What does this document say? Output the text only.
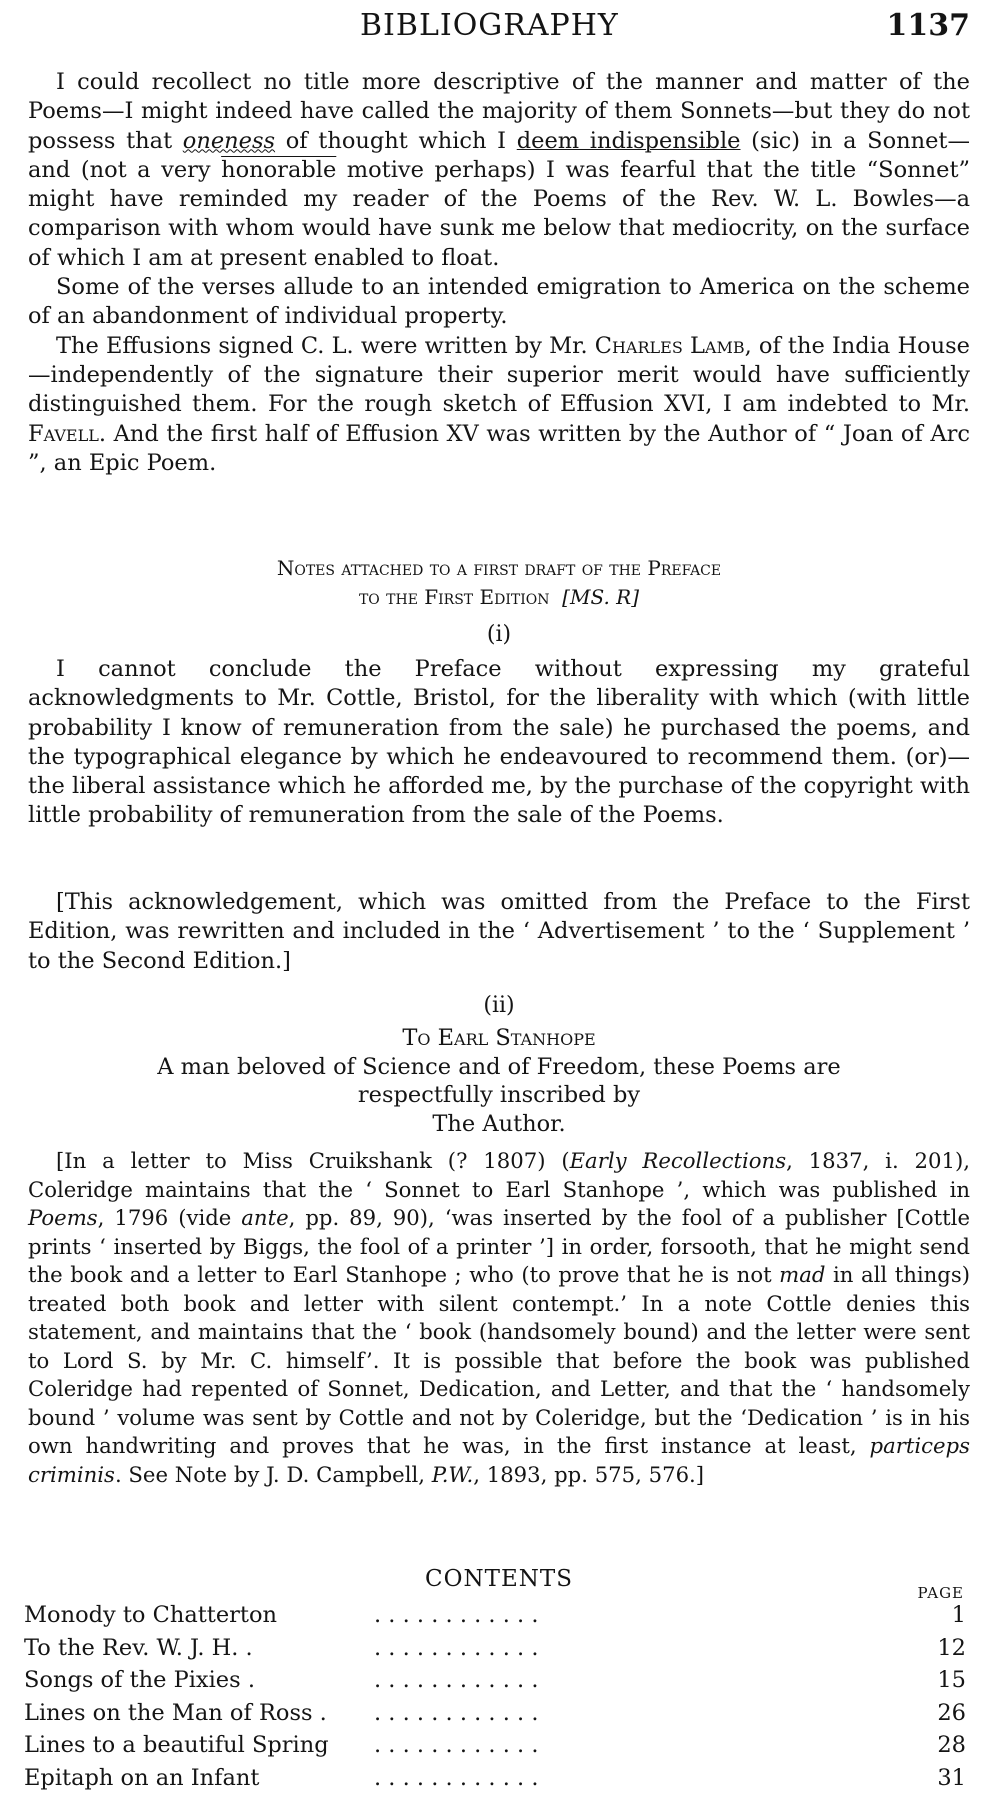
BIBLIOGRAPHY	1137

I could recollect no title more descriptive of the manner and matter of the Poems—I might indeed have called the majority of them Sonnets—but they do not possess that oneness of thought which I deem indispensible (sic) in a Sonnet—and (not a very honorable motive perhaps) I was fearful that the title “Sonnet” might have reminded my reader of the Poems of the Rev. W. L. Bowles—a comparison with whom would have sunk me below that mediocrity, on the surface of which I am at present enabled to float.

Some of the verses allude to an intended emigration to America on the scheme of an abandonment of individual property.

The Effusions signed C. L. were written by Mr. Charles Lamb, of the India House—independently of the signature their superior merit would have sufficiently distinguished them. For the rough sketch of Effusion XVI, I am indebted to Mr. Favell. And the first half of Effusion XV was written by the Author of “ Joan of Arc ”, an Epic Poem.

Notes attached to a first draft of the Preface
to the First Edition [MS. R]
(i)

I cannot conclude the Preface without expressing my grateful acknowledgments to Mr. Cottle, Bristol, for the liberality with which (with little probability I know of remuneration from the sale) he purchased the poems, and the typographical elegance by which he endeavoured to recommend them. (or)—the liberal assistance which he afforded me, by the purchase of the copyright with little probability of remuneration from the sale of the Poems.

[This acknowledgement, which was omitted from the Preface to the First Edition, was rewritten and included in the ‘ Advertisement ’ to the ‘ Supplement ’ to the Second Edition.]

(ii)
To Earl Stanhope
A man beloved of Science and of Freedom, these Poems are
respectfully inscribed by
The Author.

[In a letter to Miss Cruikshank (? 1807) (Early Recollections, 1837, i. 201), Coleridge maintains that the ‘ Sonnet to Earl Stanhope ’, which was published in Poems, 1796 (vide ante, pp. 89, 90), ‘was inserted by the fool of a publisher [Cottle prints ‘ inserted by Biggs, the fool of a printer ’] in order, forsooth, that he might send the book and a letter to Earl Stanhope ; who (to prove that he is not mad in all things) treated both book and letter with silent contempt.’ In a note Cottle denies this statement, and maintains that the ‘ book (handsomely bound) and the letter were sent to Lord S. by Mr. C. himself’. It is possible that before the book was published Coleridge had repented of Sonnet, Dedication, and Letter, and that the ‘ handsomely bound ’ volume was sent by Cottle and not by Coleridge, but the ‘Dedication ’ is in his own handwriting and proves that he was, in the first instance at least, particeps criminis. See Note by J. D. Campbell, P.W., 1893, pp. 575, 576.]

CONTENTS
PAGE
Monody to Chatterton	. . . . . . . . . . . .	1
To the Rev. W. J. H. .	. . . . . . . . . . . .	12
Songs of the Pixies .	. . . . . . . . . . . .	15
Lines on the Man of Ross . . . . . . . . . . . . .	26
Lines to a beautiful Spring . . . . . . . . . . . .	28
Epitaph on an Infant	. . . . . . . . . . . .	31
